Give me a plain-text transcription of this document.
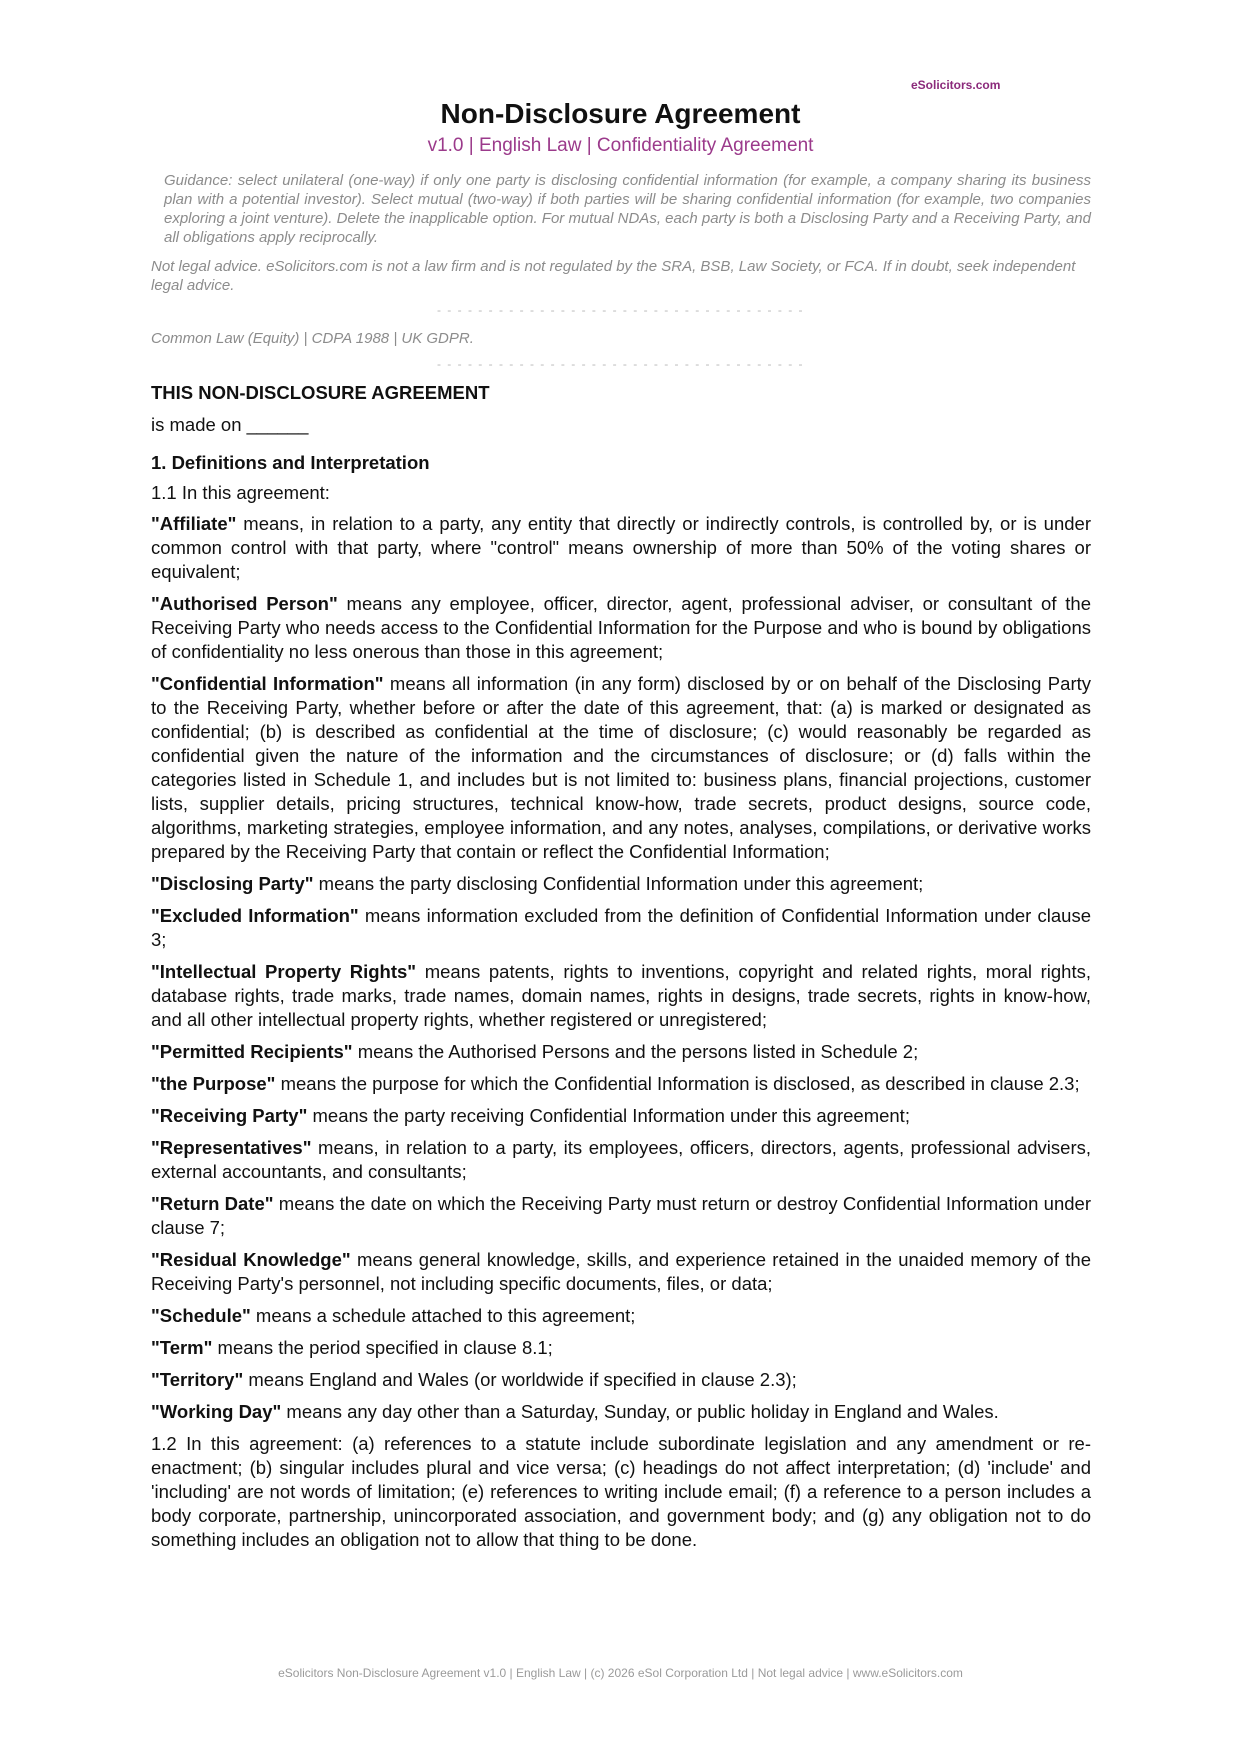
eSolicitors.com
Non-Disclosure Agreement
v1.0 | English Law | Confidentiality Agreement
Guidance: select unilateral (one-way) if only one party is disclosing confidential information (for example, a company sharing its business plan with a potential investor). Select mutual (two-way) if both parties will be sharing confidential information (for example, two companies exploring a joint venture). Delete the inapplicable option. For mutual NDAs, each party is both a Disclosing Party and a Receiving Party, and all obligations apply reciprocally.
Not legal advice. eSolicitors.com is not a law firm and is not regulated by the SRA, BSB, Law Society, or FCA. If in doubt, seek independent legal advice.
- - - - - - - - - - - - - - - - - - - - - - - - - - - - - - - - - - - -
Common Law (Equity) | CDPA 1988 | UK GDPR.
- - - - - - - - - - - - - - - - - - - - - - - - - - - - - - - - - - - -

THIS NON-DISCLOSURE AGREEMENT

is made on ______

1. Definitions and Interpretation

1.1 In this agreement:

"Affiliate" means, in relation to a party, any entity that directly or indirectly controls, is controlled by, or is under common control with that party, where "control" means ownership of more than 50% of the voting shares or equivalent;

"Authorised Person" means any employee, officer, director, agent, professional adviser, or consultant of the Receiving Party who needs access to the Confidential Information for the Purpose and who is bound by obligations of confidentiality no less onerous than those in this agreement;

"Confidential Information" means all information (in any form) disclosed by or on behalf of the Disclosing Party to the Receiving Party, whether before or after the date of this agreement, that: (a) is marked or designated as confidential; (b) is described as confidential at the time of disclosure; (c) would reasonably be regarded as confidential given the nature of the information and the circumstances of disclosure; or (d) falls within the categories listed in Schedule 1, and includes but is not limited to: business plans, financial projections, customer lists, supplier details, pricing structures, technical know-how, trade secrets, product designs, source code, algorithms, marketing strategies, employee information, and any notes, analyses, compilations, or derivative works prepared by the Receiving Party that contain or reflect the Confidential Information;

"Disclosing Party" means the party disclosing Confidential Information under this agreement;

"Excluded Information" means information excluded from the definition of Confidential Information under clause 3;

"Intellectual Property Rights" means patents, rights to inventions, copyright and related rights, moral rights, database rights, trade marks, trade names, domain names, rights in designs, trade secrets, rights in know-how, and all other intellectual property rights, whether registered or unregistered;

"Permitted Recipients" means the Authorised Persons and the persons listed in Schedule 2;

"the Purpose" means the purpose for which the Confidential Information is disclosed, as described in clause 2.3;

"Receiving Party" means the party receiving Confidential Information under this agreement;

"Representatives" means, in relation to a party, its employees, officers, directors, agents, professional advisers, external accountants, and consultants;

"Return Date" means the date on which the Receiving Party must return or destroy Confidential Information under clause 7;

"Residual Knowledge" means general knowledge, skills, and experience retained in the unaided memory of the Receiving Party's personnel, not including specific documents, files, or data;

"Schedule" means a schedule attached to this agreement;

"Term" means the period specified in clause 8.1;

"Territory" means England and Wales (or worldwide if specified in clause 2.3);

"Working Day" means any day other than a Saturday, Sunday, or public holiday in England and Wales.

1.2 In this agreement: (a) references to a statute include subordinate legislation and any amendment or re-enactment; (b) singular includes plural and vice versa; (c) headings do not affect interpretation; (d) 'include' and 'including' are not words of limitation; (e) references to writing include email; (f) a reference to a person includes a body corporate, partnership, unincorporated association, and government body; and (g) any obligation not to do something includes an obligation not to allow that thing to be done.

eSolicitors Non-Disclosure Agreement v1.0 | English Law | (c) 2026 eSol Corporation Ltd | Not legal advice | www.eSolicitors.com
